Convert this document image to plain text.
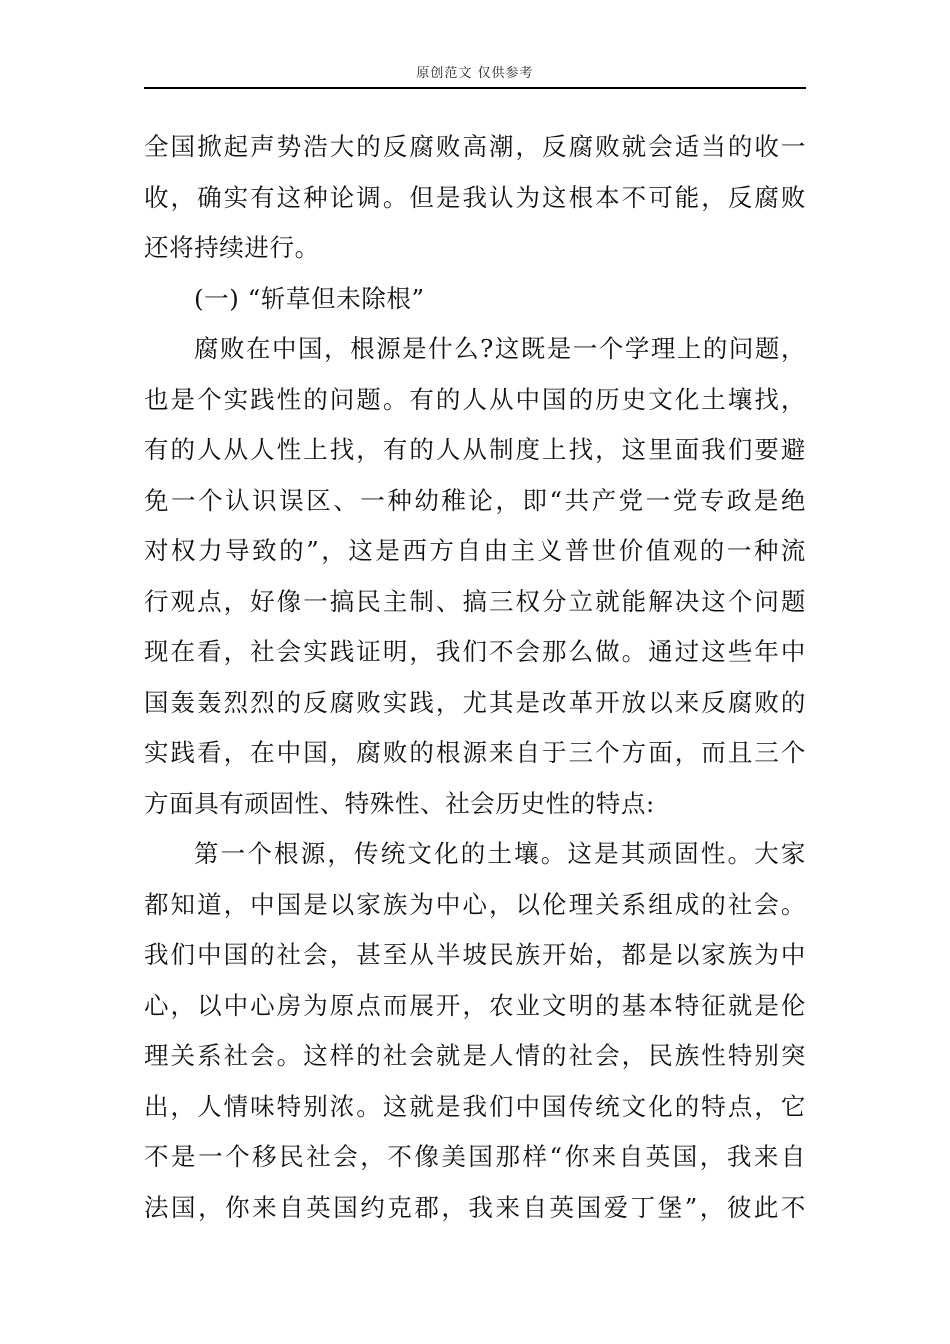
原创范文 仅供参考
全国掀起声势浩大的反腐败高潮，反腐败就会适当的收一
收，确实有这种论调。但是我认为这根本不可能，反腐败
还将持续进行。
(一) “斩草但未除根”
腐败在中国，根源是什么?这既是一个学理上的问题，
也是个实践性的问题。有的人从中国的历史文化土壤找，
有的人从人性上找，有的人从制度上找，这里面我们要避
免一个认识误区、一种幼稚论，即“共产党一党专政是绝
对权力导致的”，这是西方自由主义普世价值观的一种流
行观点，好像一搞民主制、搞三权分立就能解决这个问题
现在看，社会实践证明，我们不会那么做。通过这些年中
国轰轰烈烈的反腐败实践，尤其是改革开放以来反腐败的
实践看，在中国，腐败的根源来自于三个方面，而且三个
方面具有顽固性、特殊性、社会历史性的特点:
第一个根源，传统文化的土壤。这是其顽固性。大家
都知道，中国是以家族为中心，以伦理关系组成的社会。
我们中国的社会，甚至从半坡民族开始，都是以家族为中
心，以中心房为原点而展开，农业文明的基本特征就是伦
理关系社会。这样的社会就是人情的社会，民族性特别突
出，人情味特别浓。这就是我们中国传统文化的特点，它
不是一个移民社会，不像美国那样“你来自英国，我来自
法国，你来自英国约克郡，我来自英国爱丁堡”，彼此不
